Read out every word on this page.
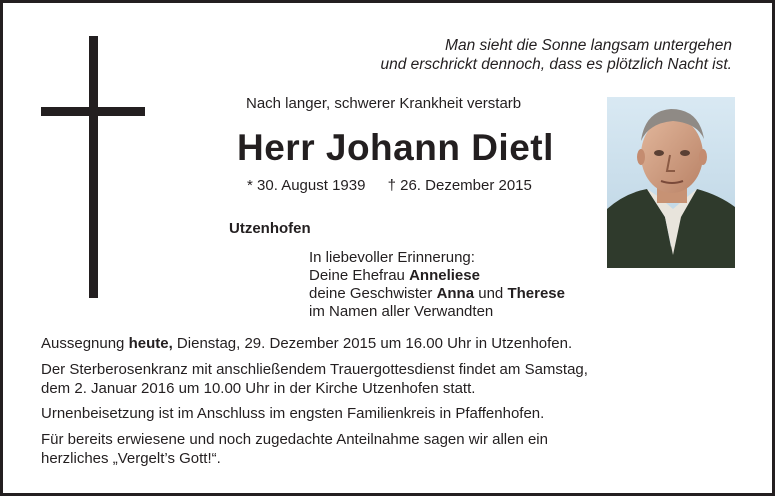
Man sieht die Sonne langsam untergehen
und erschrickt dennoch, dass es plötzlich Nacht ist.
Nach langer, schwerer Krankheit verstarb
Herr Johann Dietl
* 30. August 1939 † 26. Dezember 2015
Utzenhofen
In liebevoller Erinnerung:
Deine Ehefrau Anneliese
deine Geschwister Anna und Therese
im Namen aller Verwandten
Aussegnung heute, Dienstag, 29. Dezember 2015 um 16.00 Uhr in Utzenhofen.
Der Sterberosenkranz mit anschließendem Trauergottesdienst findet am Samstag,
dem 2. Januar 2016 um 10.00 Uhr in der Kirche Utzenhofen statt.
Urnenbeisetzung ist im Anschluss im engsten Familienkreis in Pfaffenhofen.
Für bereits erwiesene und noch zugedachte Anteilnahme sagen wir allen ein
herzliches „Vergelt’s Gott!“.
